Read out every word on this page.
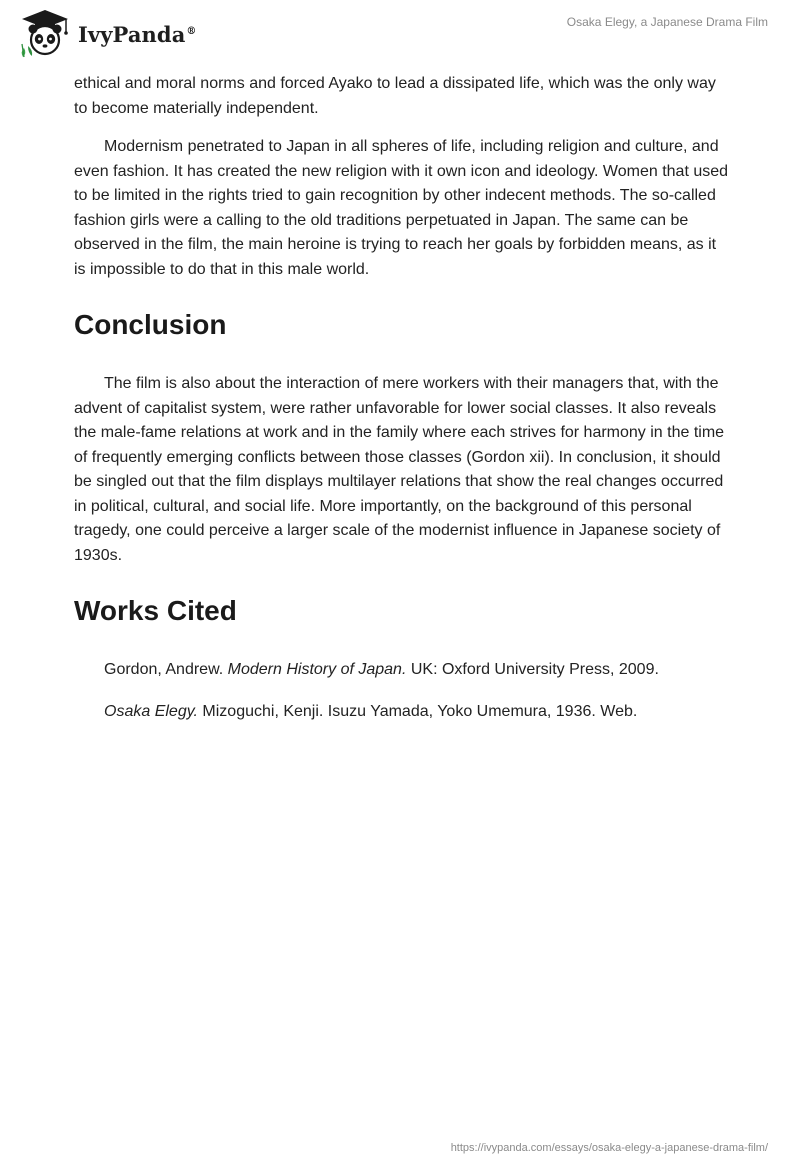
IvyPanda®
Osaka Elegy, a Japanese Drama Film

ethical and moral norms and forced Ayako to lead a dissipated life, which was the only way to become materially independent.

Modernism penetrated to Japan in all spheres of life, including religion and culture, and even fashion. It has created the new religion with it own icon and ideology. Women that used to be limited in the rights tried to gain recognition by other indecent methods. The so-called fashion girls were a calling to the old traditions perpetuated in Japan. The same can be observed in the film, the main heroine is trying to reach her goals by forbidden means, as it is impossible to do that in this male world.

Conclusion

The film is also about the interaction of mere workers with their managers that, with the advent of capitalist system, were rather unfavorable for lower social classes. It also reveals the male-fame relations at work and in the family where each strives for harmony in the time of frequently emerging conflicts between those classes (Gordon xii). In conclusion, it should be singled out that the film displays multilayer relations that show the real changes occurred in political, cultural, and social life. More importantly, on the background of this personal tragedy, one could perceive a larger scale of the modernist influence in Japanese society of 1930s.

Works Cited

Gordon, Andrew. Modern History of Japan. UK: Oxford University Press, 2009.

Osaka Elegy. Mizoguchi, Kenji. Isuzu Yamada, Yoko Umemura, 1936. Web.

https://ivypanda.com/essays/osaka-elegy-a-japanese-drama-film/
